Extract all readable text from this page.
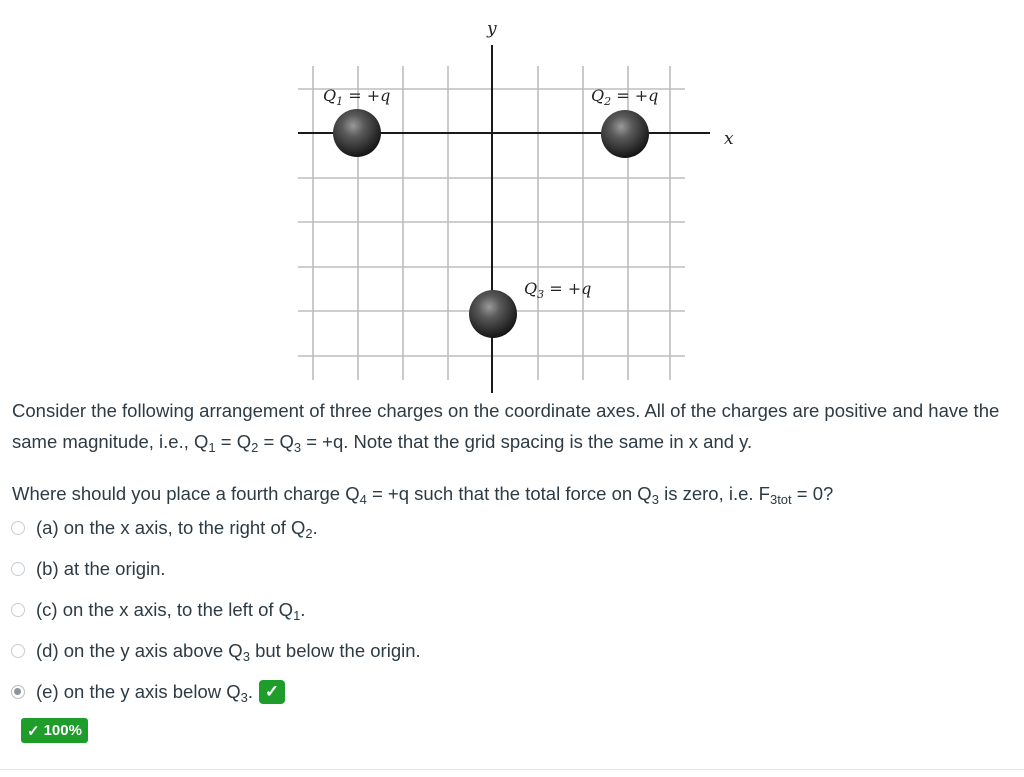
y
x
$Q_1 = +q$	$Q_2 = +q$
$Q_3 = +q$
Consider the following arrangement of three charges on the coordinate axes. All of the charges are positive and have the same magnitude, i.e., $Q_1 = Q_2 = Q_3 = +q$. Note that the grid spacing is the same in x and y.
Where should you place a fourth charge $Q_4 = +q$ such that the total force on $Q_3$ is zero, i.e. $F_{3tot} = 0$?
(a) on the x axis, to the right of $Q_2$.
(b) at the origin.
(c) on the x axis, to the left of $Q_1$.
(d) on the y axis above $Q_3$ but below the origin.
(e) on the y axis below $Q_3$. ✓
✓ 100%
